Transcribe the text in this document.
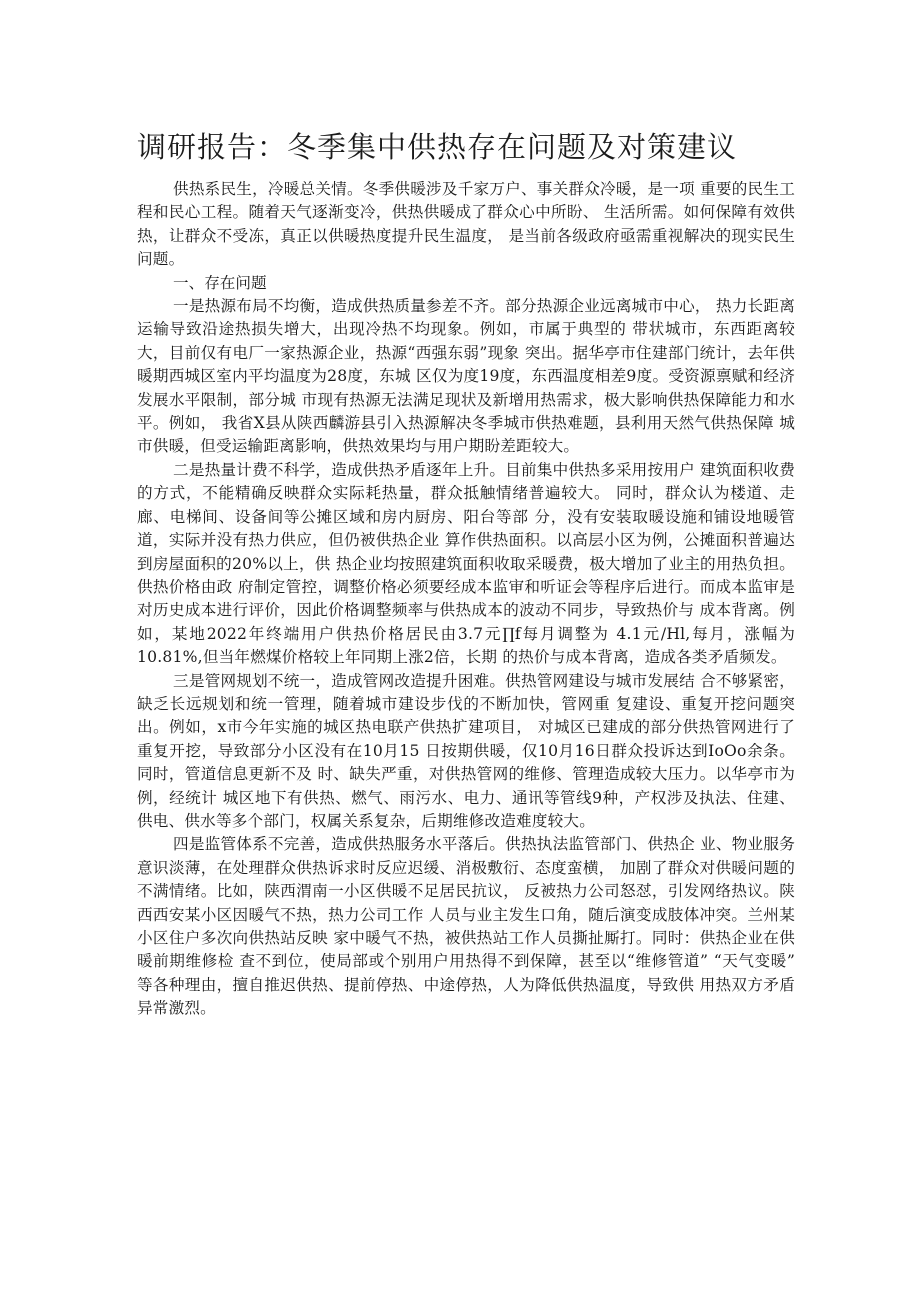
调研报告：冬季集中供热存在问题及对策建议

供热系民生，冷暖总关情。冬季供暖涉及千家万户、事关群众冷暖，是一项 重要的民生工程和民心工程。随着天气逐渐变冷，供热供暖成了群众心中所盼、 生活所需。如何保障有效供热，让群众不受冻，真正以供暖热度提升民生温度， 是当前各级政府亟需重视解决的现实民生问题。

一、存在问题

一是热源布局不均衡，造成供热质量参差不齐。部分热源企业远离城市中心， 热力长距离运输导致沿途热损失增大，出现冷热不均现象。例如，市属于典型的 带状城市，东西距离较大，目前仅有电厂一家热源企业，热源“西强东弱”现象 突出。据华亭市住建部门统计，去年供暖期西城区室内平均温度为28度，东城 区仅为度19度，东西温度相差9度。受资源禀赋和经济发展水平限制，部分城 市现有热源无法满足现状及新增用热需求，极大影响供热保障能力和水平。例如， 我省X县从陕西麟游县引入热源解决冬季城市供热难题，县利用天然气供热保障 城市供暖，但受运输距离影响，供热效果均与用户期盼差距较大。

二是热量计费不科学，造成供热矛盾逐年上升。目前集中供热多采用按用户 建筑面积收费的方式，不能精确反映群众实际耗热量，群众抵触情绪普遍较大。 同时，群众认为楼道、走廊、电梯间、设备间等公摊区域和房内厨房、阳台等部 分，没有安装取暖设施和铺设地暖管道，实际并没有热力供应，但仍被供热企业 算作供热面积。以高层小区为例，公摊面积普遍达到房屋面积的20%以上，供 热企业均按照建筑面积收取采暖费，极大增加了业主的用热负担。供热价格由政 府制定管控，调整价格必须要经成本监审和听证会等程序后进行。而成本监审是 对历史成本进行评价，因此价格调整频率与供热成本的波动不同步，导致热价与 成本背离。例如，某地2022年终端用户供热价格居民由3.7元∏f每月调整为 4.1元/Hl,每月，涨幅为10.81%,但当年燃煤价格较上年同期上涨2倍，长期 的热价与成本背离，造成各类矛盾频发。

三是管网规划不统一，造成管网改造提升困难。供热管网建设与城市发展结 合不够紧密，缺乏长远规划和统一管理，随着城市建设步伐的不断加快，管网重 复建设、重复开挖问题突出。例如，x市今年实施的城区热电联产供热扩建项目， 对城区已建成的部分供热管网进行了重复开挖，导致部分小区没有在10月15 日按期供暖，仅10月16日群众投诉达到IoOo余条。同时，管道信息更新不及 时、缺失严重，对供热管网的维修、管理造成较大压力。以华亭市为例，经统计 城区地下有供热、燃气、雨污水、电力、通讯等管线9种，产权涉及执法、住建、 供电、供水等多个部门，权属关系复杂，后期维修改造难度较大。

四是监管体系不完善，造成供热服务水平落后。供热执法监管部门、供热企 业、物业服务意识淡薄，在处理群众供热诉求时反应迟缓、消极敷衍、态度蛮横， 加剧了群众对供暖问题的不满情绪。比如，陕西渭南一小区供暖不足居民抗议， 反被热力公司怒怼，引发网络热议。陕西西安某小区因暖气不热，热力公司工作 人员与业主发生口角，随后演变成肢体冲突。兰州某小区住户多次向供热站反映 家中暖气不热，被供热站工作人员撕扯厮打。同时：供热企业在供暖前期维修检 查不到位，使局部或个别用户用热得不到保障，甚至以“维修管道” “天气变暖” 等各种理由，擅自推迟供热、提前停热、中途停热，人为降低供热温度，导致供 用热双方矛盾异常激烈。
